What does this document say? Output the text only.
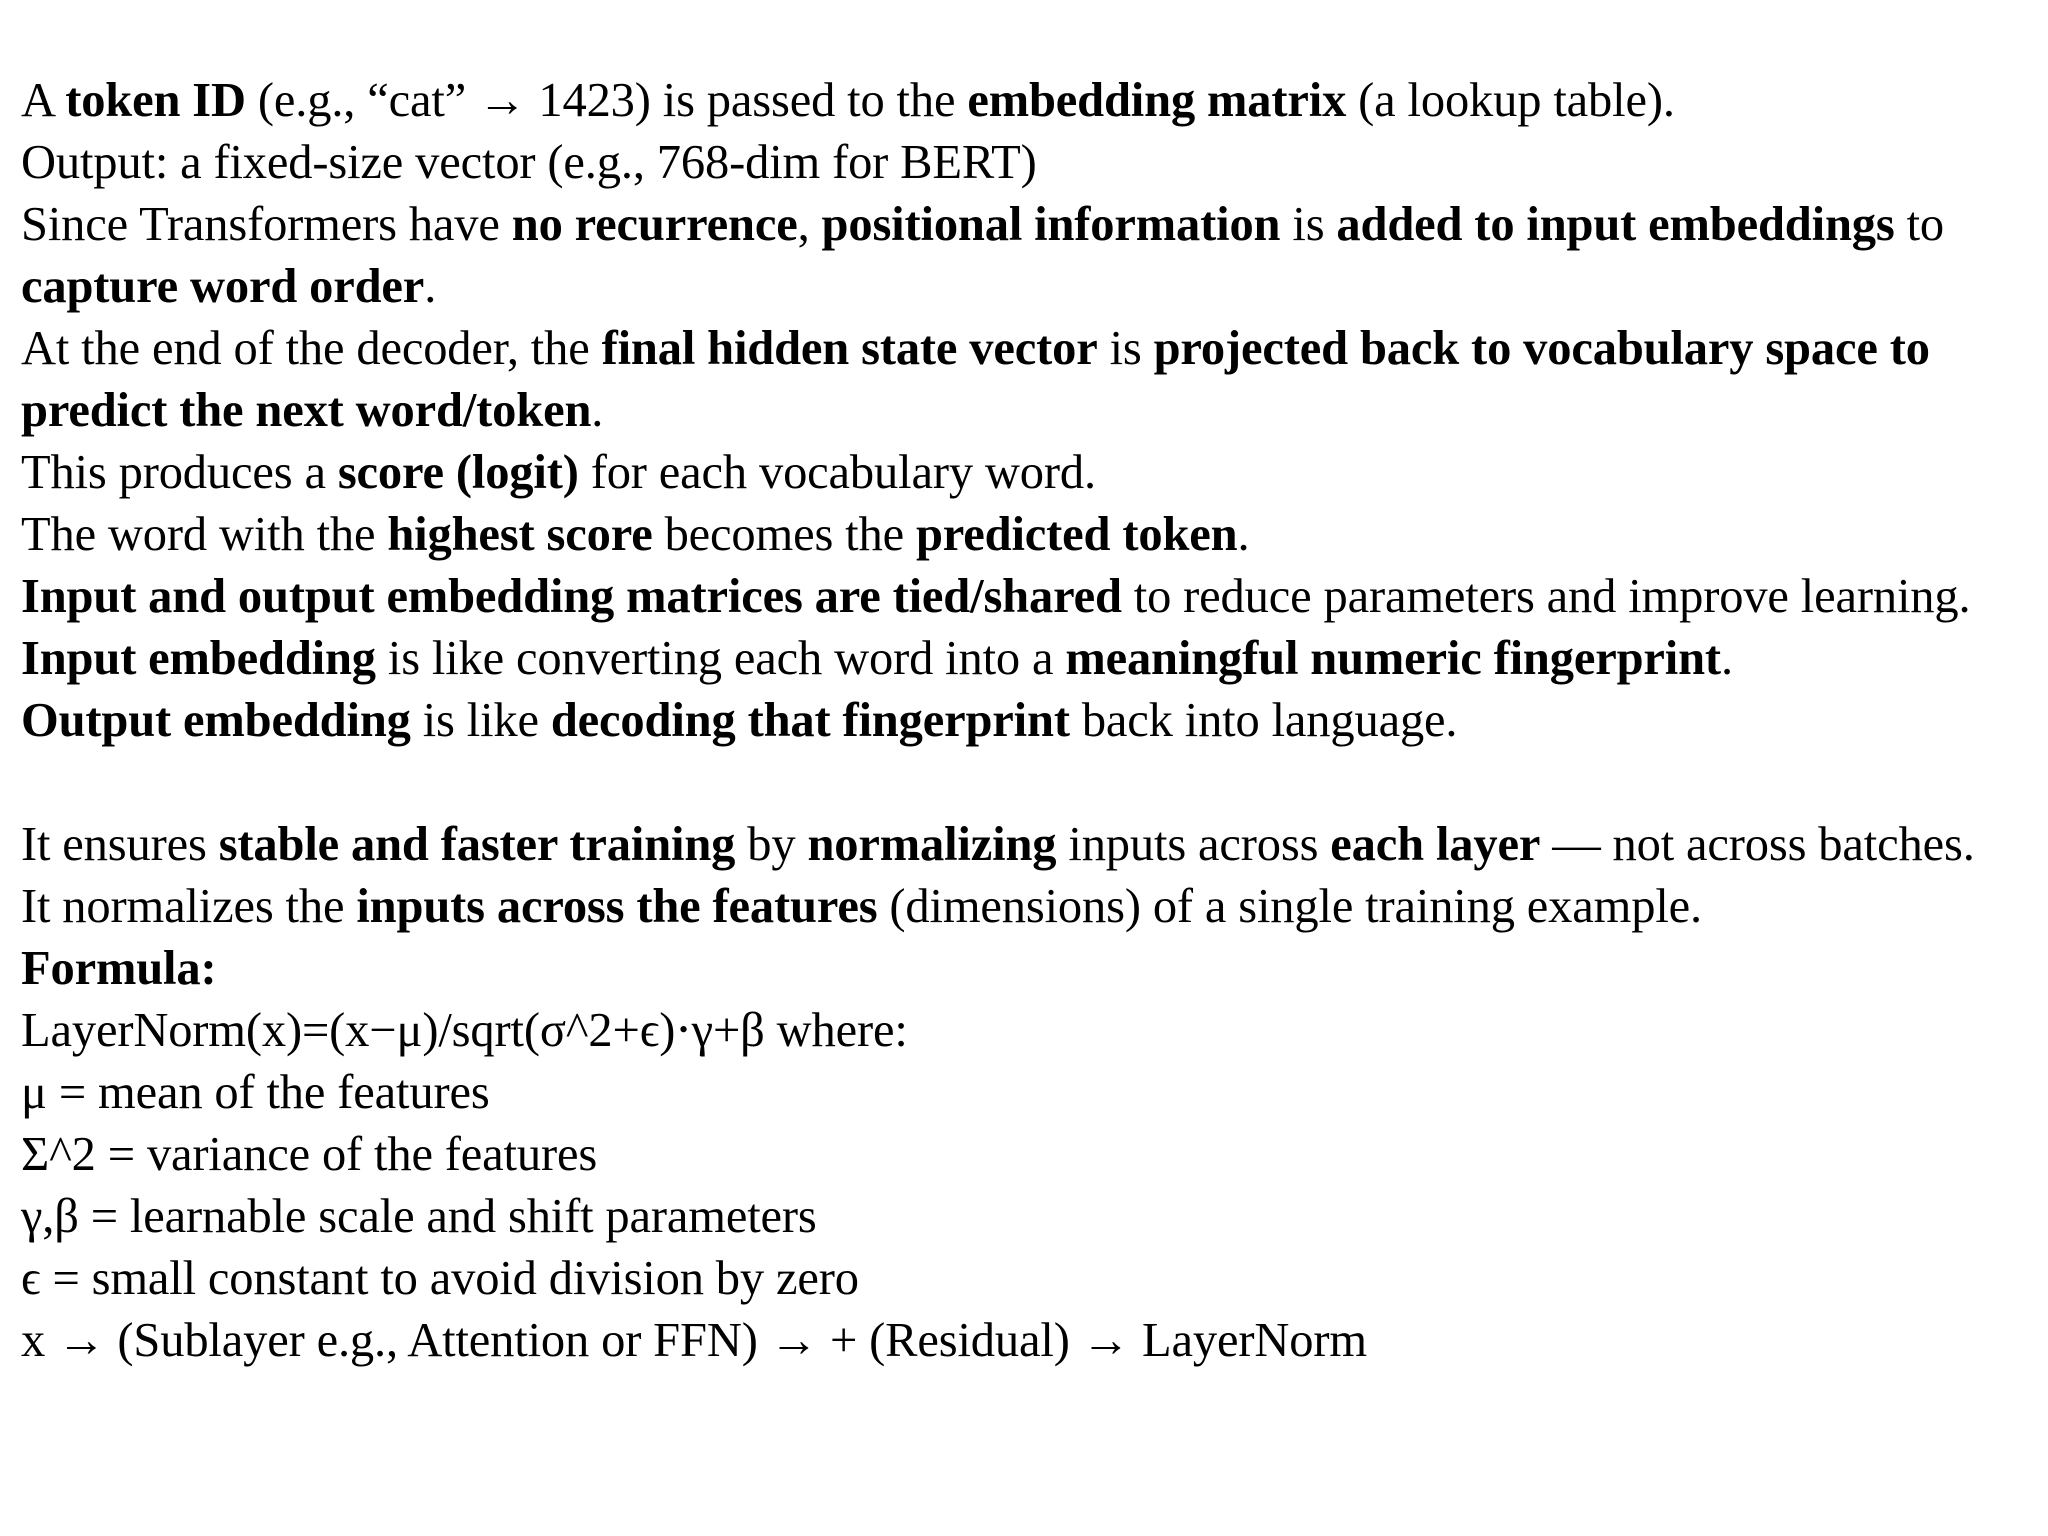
A token ID (e.g., “cat” → 1423) is passed to the embedding matrix (a lookup table).

Output: a fixed-size vector (e.g., 768-dim for BERT)

Since Transformers have no recurrence, positional information is added to input embeddings to capture word order.

At the end of the decoder, the final hidden state vector is projected back to vocabulary space to predict the next word/token.

This produces a score (logit) for each vocabulary word.

The word with the highest score becomes the predicted token.

Input and output embedding matrices are tied/shared to reduce parameters and improve learning.

Input embedding is like converting each word into a meaningful numeric fingerprint.

Output embedding is like decoding that fingerprint back into language.

It ensures stable and faster training by normalizing inputs across each layer — not across batches.

It normalizes the inputs across the features (dimensions) of a single training example.

Formula:

LayerNorm(x)=(x−μ)/sqrt(σ^2+ϵ)⋅γ+β where:

μ = mean of the features

Σ^2 = variance of the features

γ,β = learnable scale and shift parameters

ϵ = small constant to avoid division by zero

x → (Sublayer e.g., Attention or FFN) → + (Residual) → LayerNorm
